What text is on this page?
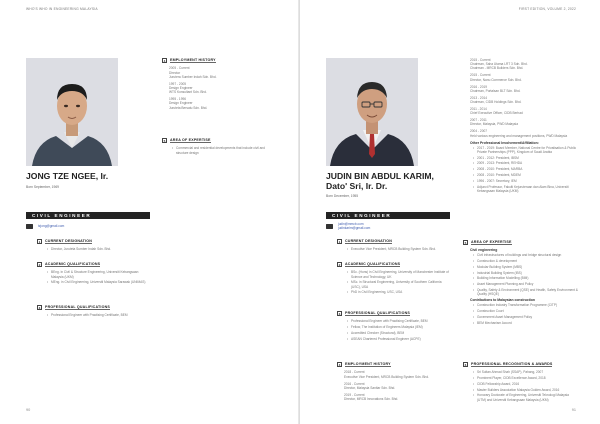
WHO'S WHO IN ENGINEERING MALAYSIA
JONG TZE NGEE, Ir.
Born September, 1969
CIVIL ENGINEER
tzjong@gmail.com
1	CURRENT DESIGNATION
• Director, Juruteta Sumber Indah Sdn. Bhd.
2	ACADEMIC QUALIFICATIONS
• BEng. in Civil & Structure Engineering, Universiti Kebangsaan Malaysia (UKM)
• MEng. in Civil Engineering, Universiti Malaysia Sarawak (UNIMAS)
3	PROFESSIONAL QUALIFICATIONS
• Professional Engineer with Practising Certificate, BEM
4	EMPLOYMENT HISTORY
2005 - Current
Director
Jurutera Sumber Indah Sdn. Bhd.
1997 - 2005
Design Engineer
WTS Konsultant Sdn. Bhd.
1995 - 1996
Design Engineer
Juruteta Bersatu Sdn. Bhd.
5	AREA OF EXPERTISE
• Commercial and residential developments that include civil and structure design
90
FIRST EDITION, VOLUME 2, 2022
JUDIN BIN ABDUL KARIM,
Dato' Sri, Ir. Dr.
Born December, 1955
CIVIL ENGINEER
judin@mmcb.com
judinkarim@gmail.com
1	CURRENT DESIGNATION
• Executive Vice President, MRCB Building System Sdn. Bhd.
2	ACADEMIC QUALIFICATIONS
• BSc. (Hons) in Civil Engineering, University of Manchester Institute of Science and Technology, UK
• MSc. in Structural Engineering, University of Southern California (USC), USA
• PhD in Civil Engineering, USC, USA
3	PROFESSIONAL QUALIFICATIONS
• Professional Engineer with Practising Certificate, BEM
• Fellow, The Institution of Engineers Malaysia (IEM)
• Accredited Checker (Structural), BEM
• ASEAN Chartered Professional Engineer (ACPE)
4	EMPLOYMENT HISTORY
2018 - Current
Executive Vice President, MRCB Building System Sdn. Bhd.
2016 - Current
Director, Malaysia Sanitar Sdn. Bhd.
2019 - Current
Director, MRCB Innovations Sdn. Bhd.
2015 - Current
Chairman, Saha Utama LRT 3 Sdn. Bhd.
Chairman - MRCB Builders Sdn. Bhd.
2015 - Current
Director, Nanu Commerce Sdn. Bhd.
2016 - 2019
Chairman, Portalsan BLT Sdn. Bhd.
2013 - 2014
Chairman, CIDB Holdings Sdn. Bhd.
2011 - 2014
Chief Executive Officer, CIDB Berhad
2007 - 2011
Director, Malaysia, PWD Malaysia
2004 - 2007
Held various engineering and management positions, PWD Malaysia
Other Professional Involvement/Affiliation:
• 2017 - 2019: Board Member, National Centre for Privatisation & Public Private Partnerships (PPP), Kingdom of Saudi Arabia
• 2001 - 2012: President, IBSM
• 2009 - 2013: President, REHDA
• 2008 - 2010: President, MARBA
• 2008 - 2010: President, MDEM
• 1996 - 2007: Secretary, IEM
• Adjunct Professor, Fakulti Kejuruteraan dan Alam Bina, Universiti Kebangsaan Malaysia (UKM)
5	AREA OF EXPERTISE
Civil engineering
• Civil infrastructures of buildings and bridge structural design
• Construction & development
• Modular Building System (MBS)
• Industrial Building System (IBS)
• Building Information Modelling (BIM)
• Asset Management Planning and Policy
• Quality, Safety & Environment (QSE) and Health, Safety Environment & Quality (HSQE)
Contributions to Malaysian construction
• Construction Industry Transformation Programme (CITP)
• Construction Court
• Government Asset Management Policy
• BEM Mechanism Accord
6	PROFESSIONAL RECOGNITION & AWARDS
• Sri Sultan Ahmad Shah (SSAP), Pahang, 2007
• Prominent Player, CIDB Excellence Award, 2018
• CIDB Fellowship Award, 2016
• Master Builders Association Malaysia Golden Award, 2016
• Honorary Doctorate of Engineering, Universiti Teknologi Malaysia (UTM) and Universiti Kebangsaan Malaysia (UKM)
91
